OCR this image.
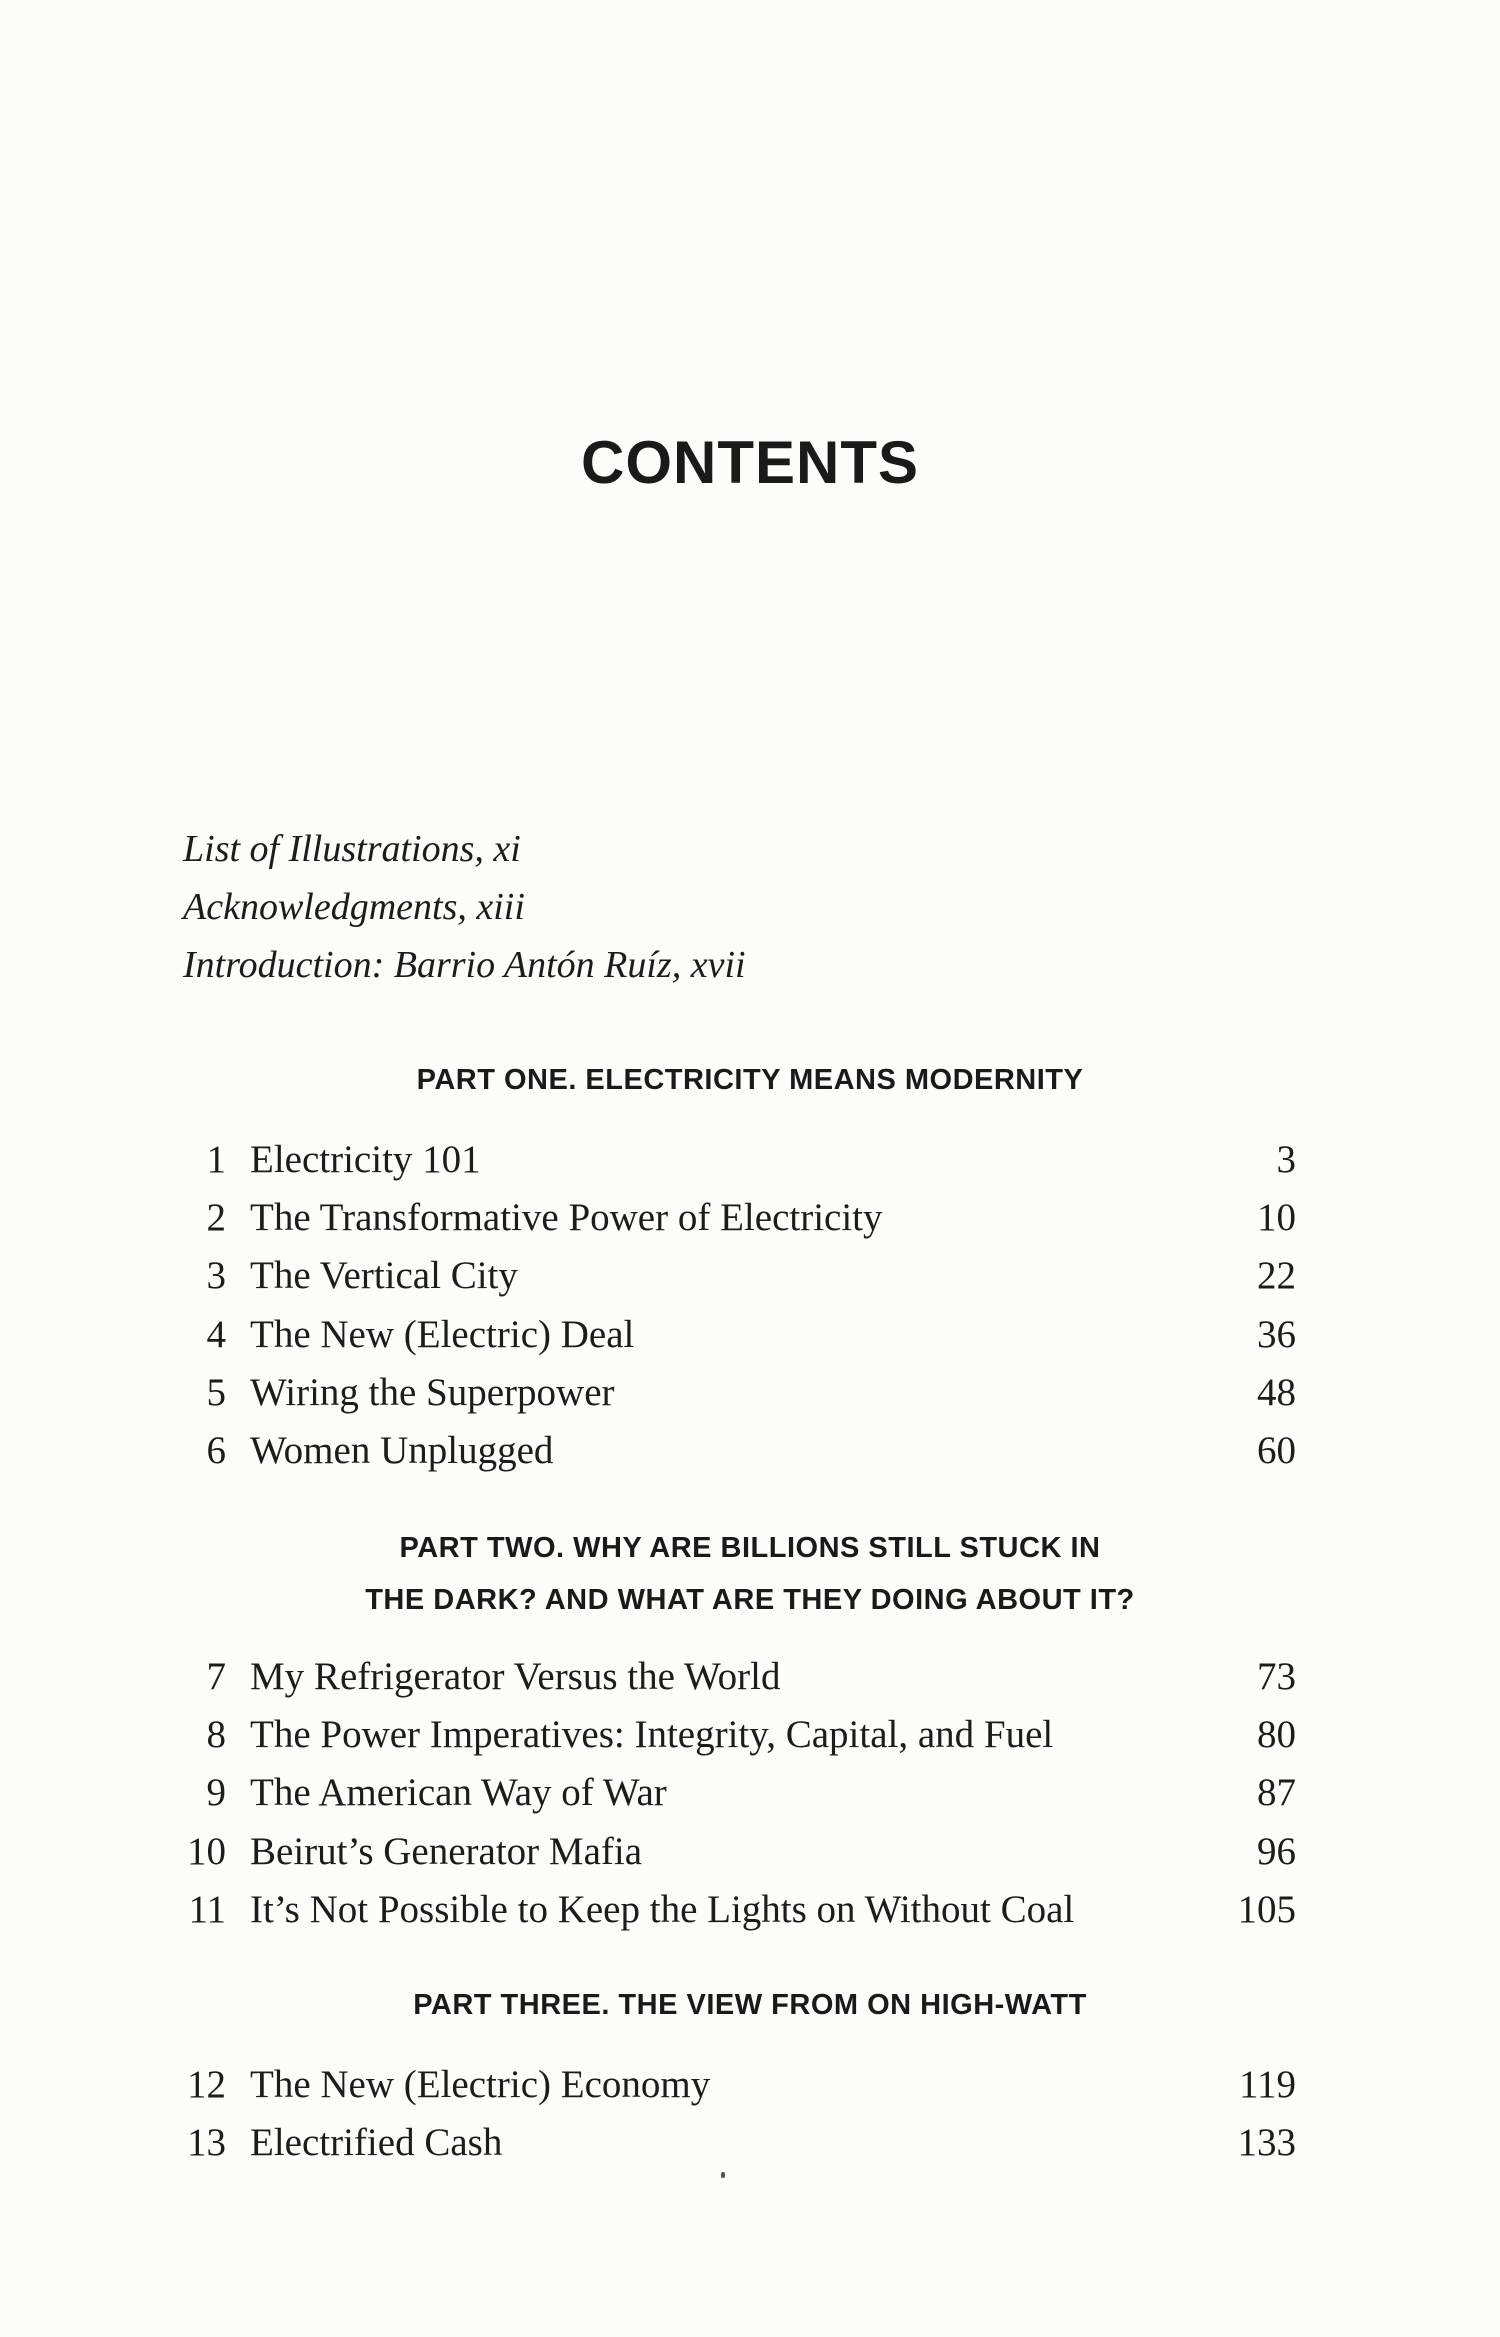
CONTENTS
List of Illustrations, xi
Acknowledgments, xiii
Introduction: Barrio Antón Ruíz, xvii
PART ONE. ELECTRICITY MEANS MODERNITY
1 Electricity 101	3
2 The Transformative Power of Electricity	10
3 The Vertical City	22
4 The New (Electric) Deal	36
5 Wiring the Superpower	48
6 Women Unplugged	60
PART TWO. WHY ARE BILLIONS STILL STUCK IN
THE DARK? AND WHAT ARE THEY DOING ABOUT IT?
7 My Refrigerator Versus the World	73
8 The Power Imperatives: Integrity, Capital, and Fuel	80
9 The American Way of War	87
10 Beirut’s Generator Mafia	96
11 It’s Not Possible to Keep the Lights on Without Coal	105
PART THREE. THE VIEW FROM ON HIGH-WATT
12 The New (Electric) Economy	119
13 Electrified Cash	133
